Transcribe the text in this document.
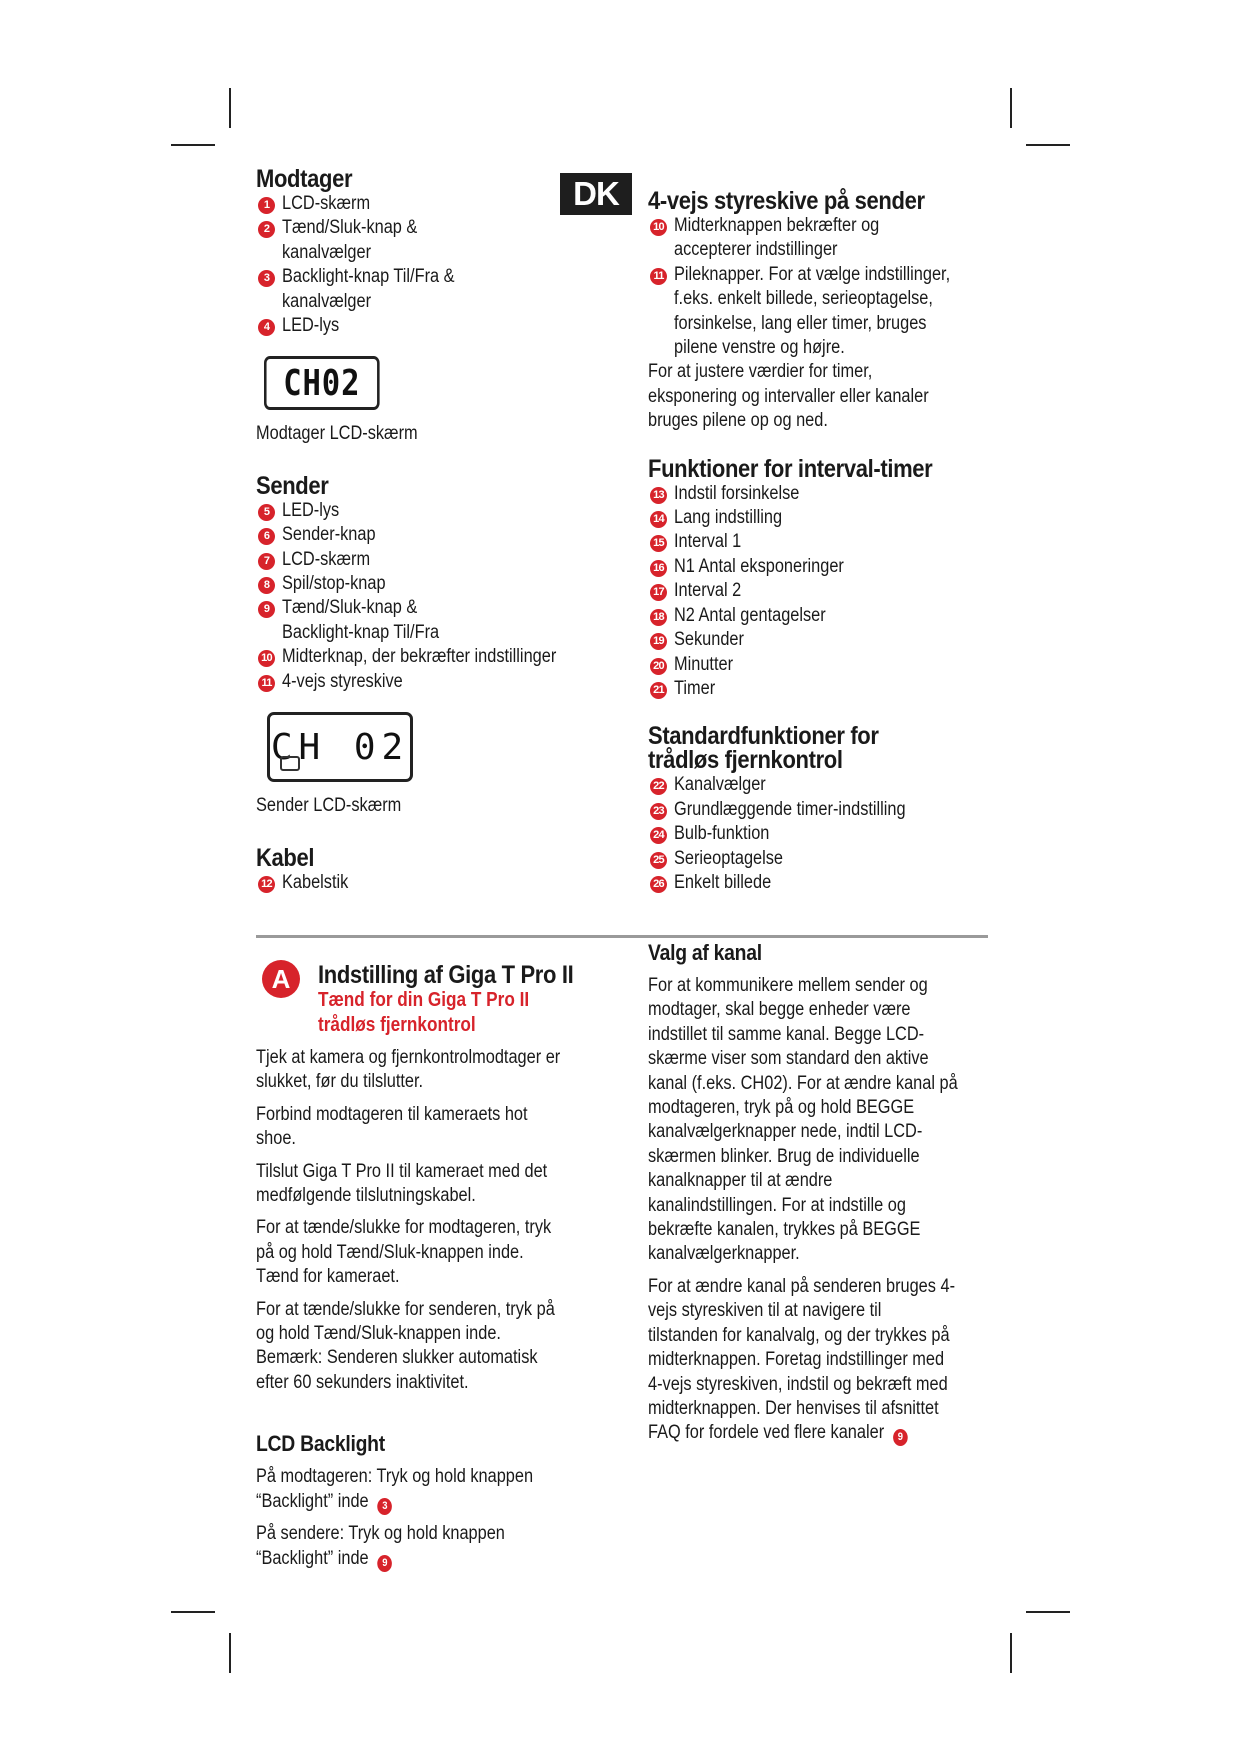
DK
Modtager
1 LCD-skærm
2 Tænd/Sluk-knap &
kanalvælger
3 Backlight-knap Til/Fra &
kanalvælger
4 LED-lys
CH02
Modtager LCD-skærm
Sender
5 LED-lys
6 Sender-knap
7 LCD-skærm
8 Spil/stop-knap
9 Tænd/Sluk-knap &
Backlight-knap Til/Fra
10 Midterknap, der bekræfter indstillinger
11 4-vejs styreskive
CH 02
Sender LCD-skærm
Kabel
12 Kabelstik
4-vejs styreskive på sender
10 Midterknappen bekræfter og
accepterer indstillinger
11 Pileknapper. For at vælge indstillinger,
f.eks. enkelt billede, serieoptagelse,
forsinkelse, lang eller timer, bruges
pilene venstre og højre.
For at justere værdier for timer,
eksponering og intervaller eller kanaler
bruges pilene op og ned.
Funktioner for interval-timer
13 Indstil forsinkelse
14 Lang indstilling
15 Interval 1
16 N1 Antal eksponeringer
17 Interval 2
18 N2 Antal gentagelser
19 Sekunder
20 Minutter
21 Timer
Standardfunktioner for
trådløs fjernkontrol
22 Kanalvælger
23 Grundlæggende timer-indstilling
24 Bulb-funktion
25 Serieoptagelse
26 Enkelt billede
A	Indstilling af Giga T Pro II
Tænd for din Giga T Pro II
trådløs fjernkontrol
Tjek at kamera og fjernkontrolmodtager er
slukket, før du tilslutter.
Forbind modtageren til kameraets hot
shoe.
Tilslut Giga T Pro II til kameraet med det
medfølgende tilslutningskabel.
For at tænde/slukke for modtageren, tryk
på og hold Tænd/Sluk-knappen inde.
Tænd for kameraet.
For at tænde/slukke for senderen, tryk på
og hold Tænd/Sluk-knappen inde.
Bemærk: Senderen slukker automatisk
efter 60 sekunders inaktivitet.
LCD Backlight
På modtageren: Tryk og hold knappen
“Backlight” inde 3
På sendere: Tryk og hold knappen
“Backlight” inde 9
Valg af kanal
For at kommunikere mellem sender og
modtager, skal begge enheder være
indstillet til samme kanal. Begge LCD-
skærme viser som standard den aktive
kanal (f.eks. CH02). For at ændre kanal på
modtageren, tryk på og hold BEGGE
kanalvælgerknapper nede, indtil LCD-
skærmen blinker. Brug de individuelle
kanalknapper til at ændre
kanalindstillingen. For at indstille og
bekræfte kanalen, trykkes på BEGGE
kanalvælgerknapper.
For at ændre kanal på senderen bruges 4-
vejs styreskiven til at navigere til
tilstanden for kanalvalg, og der trykkes på
midterknappen. Foretag indstillinger med
4-vejs styreskiven, indstil og bekræft med
midterknappen. Der henvises til afsnittet
FAQ for fordele ved flere kanaler 9
